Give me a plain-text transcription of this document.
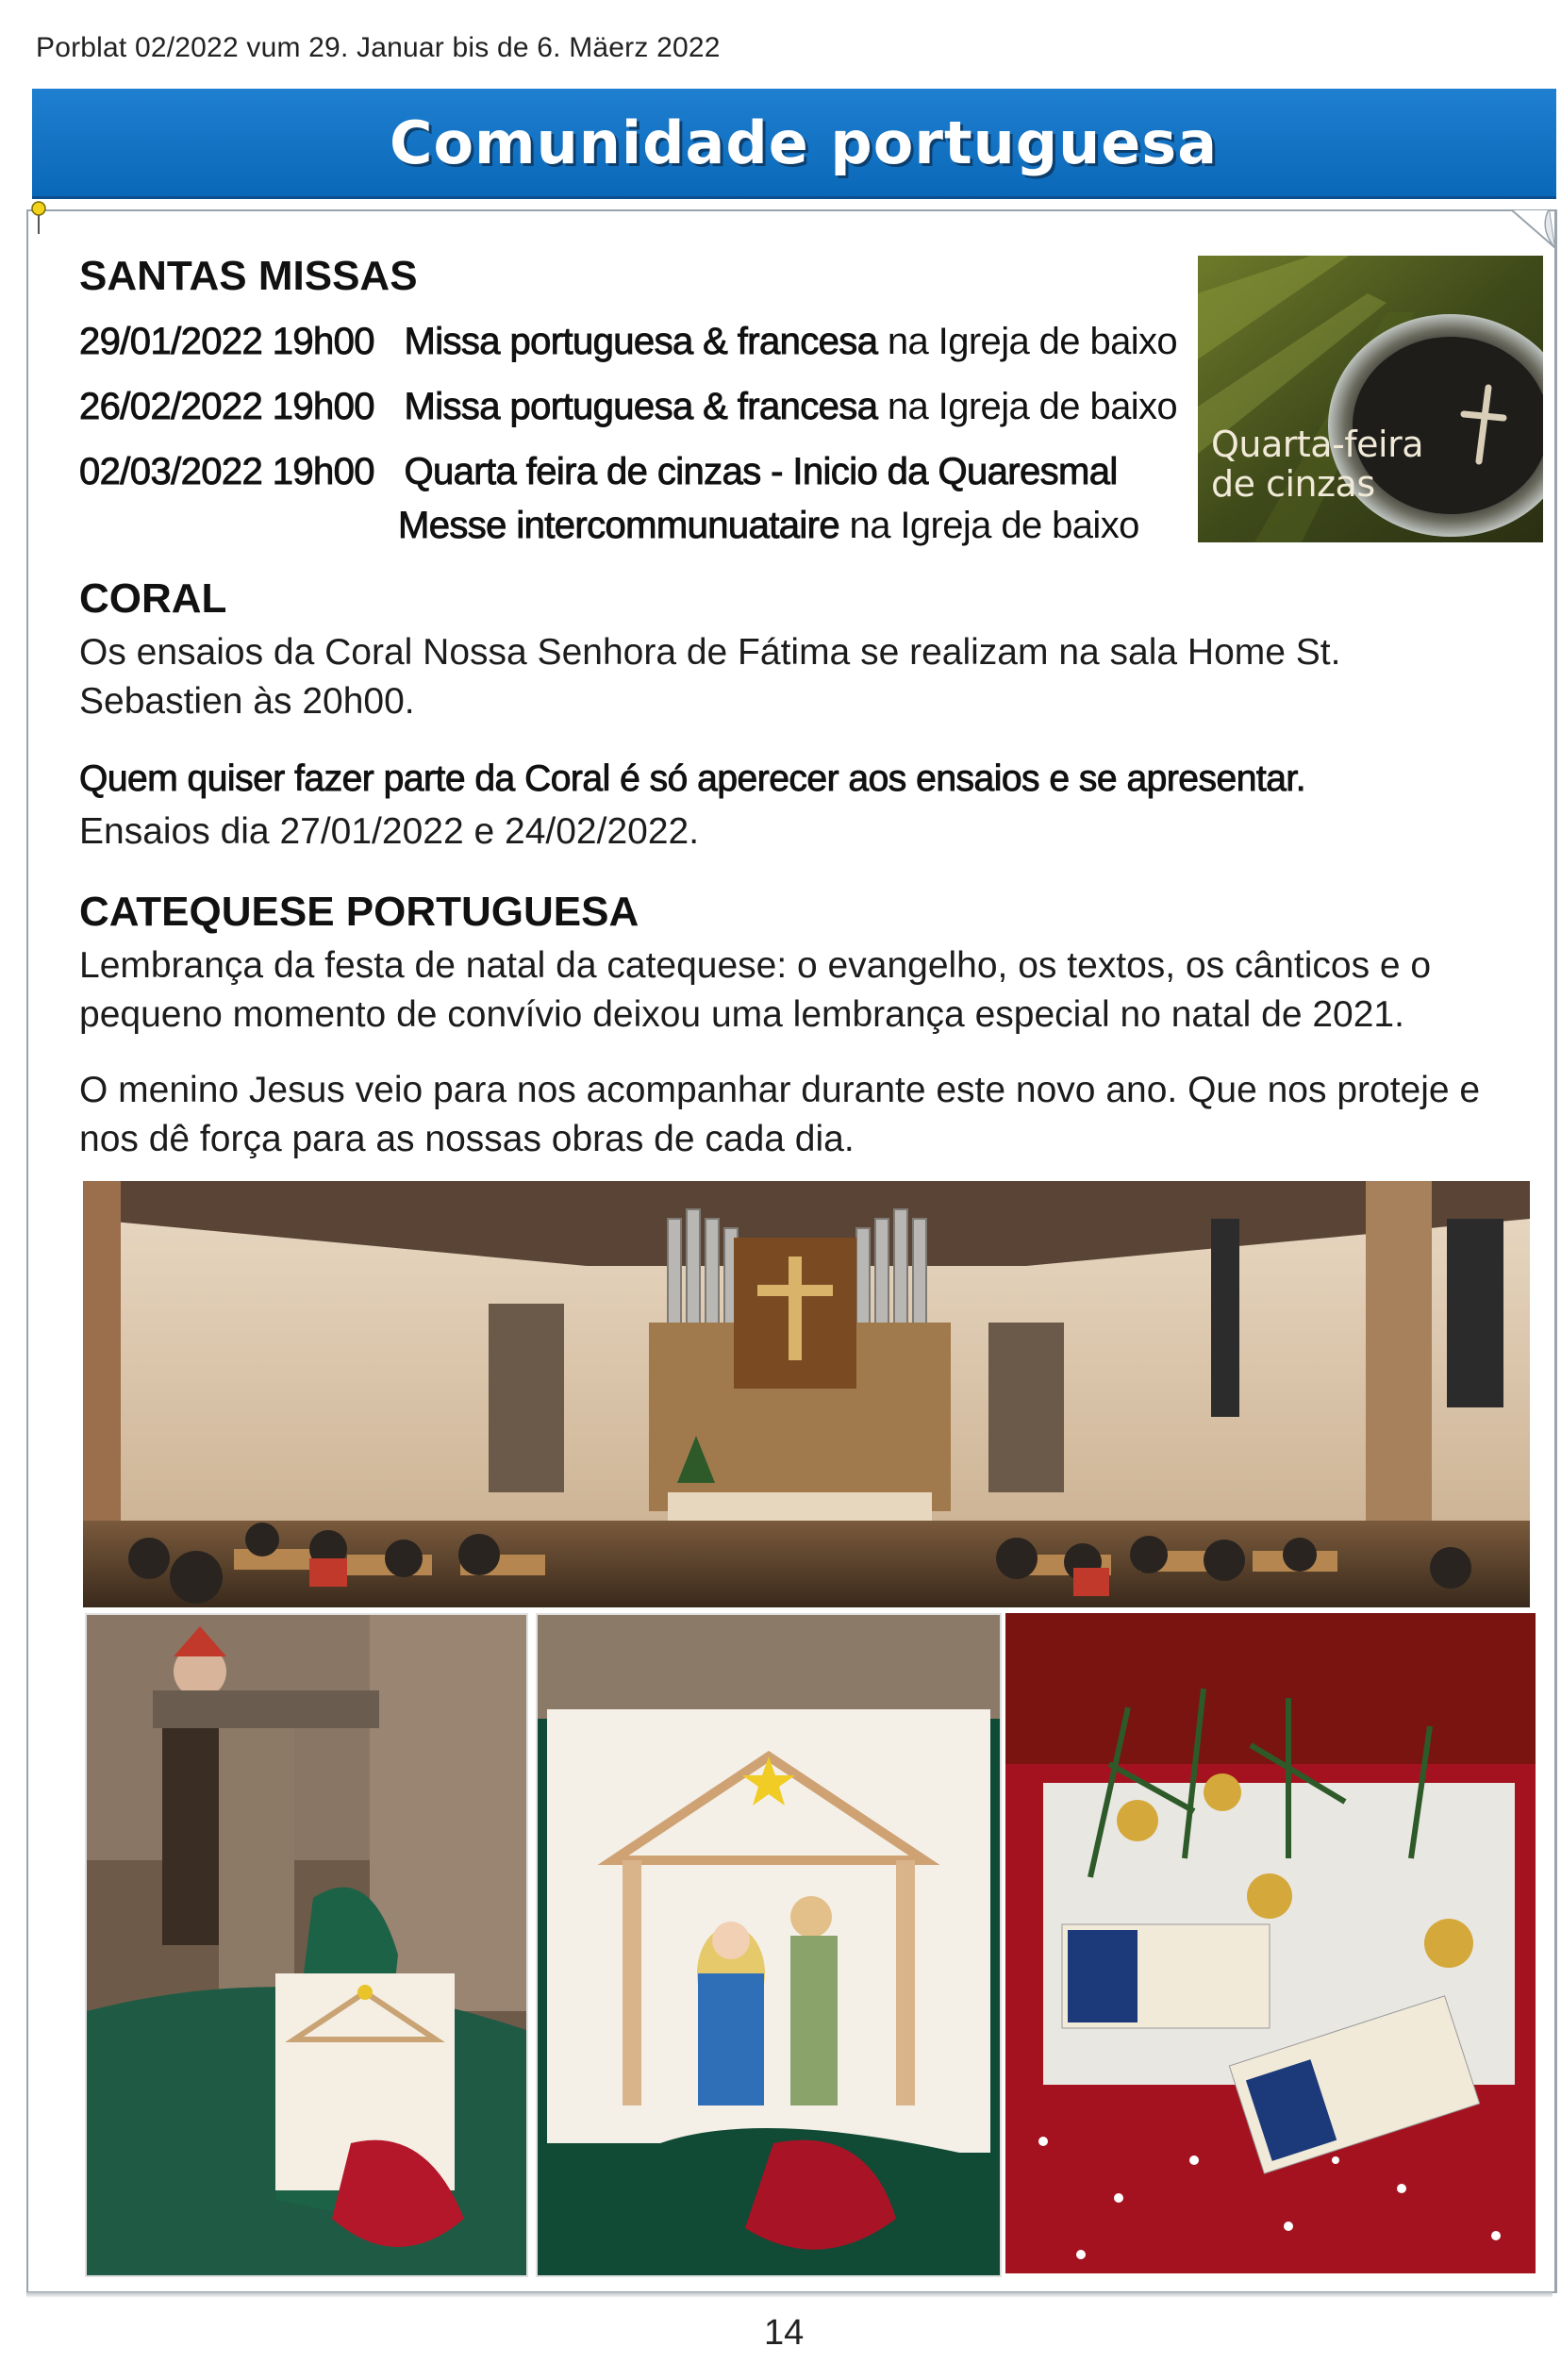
Porblat 02/2022 vum 29. Januar bis de 6. Mäerz 2022
Comunidade portuguesa
SANTAS MISSAS
29/01/2022 19h00 Missa portuguesa & francesa na Igreja de baixo
26/02/2022 19h00 Missa portuguesa & francesa na Igreja de baixo
02/03/2022 19h00 Quarta feira de cinzas - Inicio da Quaresmal
Messe intercommunuataire na Igreja de baixo
Quarta-feira
de cinzas
CORAL

Os ensaios da Coral Nossa Senhora de Fátima se realizam na sala Home St.

Sebastien às 20h00.

Quem quiser fazer parte da Coral é só aperecer aos ensaios e se apresentar.

Ensaios dia 27/01/2022 e 24/02/2022.

CATEQUESE PORTUGUESA

Lembrança da festa de natal da catequese: o evangelho, os textos, os cânticos e o

pequeno momento de convívio deixou uma lembrança especial no natal de 2021.

O menino Jesus veio para nos acompanhar durante este novo ano. Que nos proteje e

nos dê força para as nossas obras de cada dia.

14
